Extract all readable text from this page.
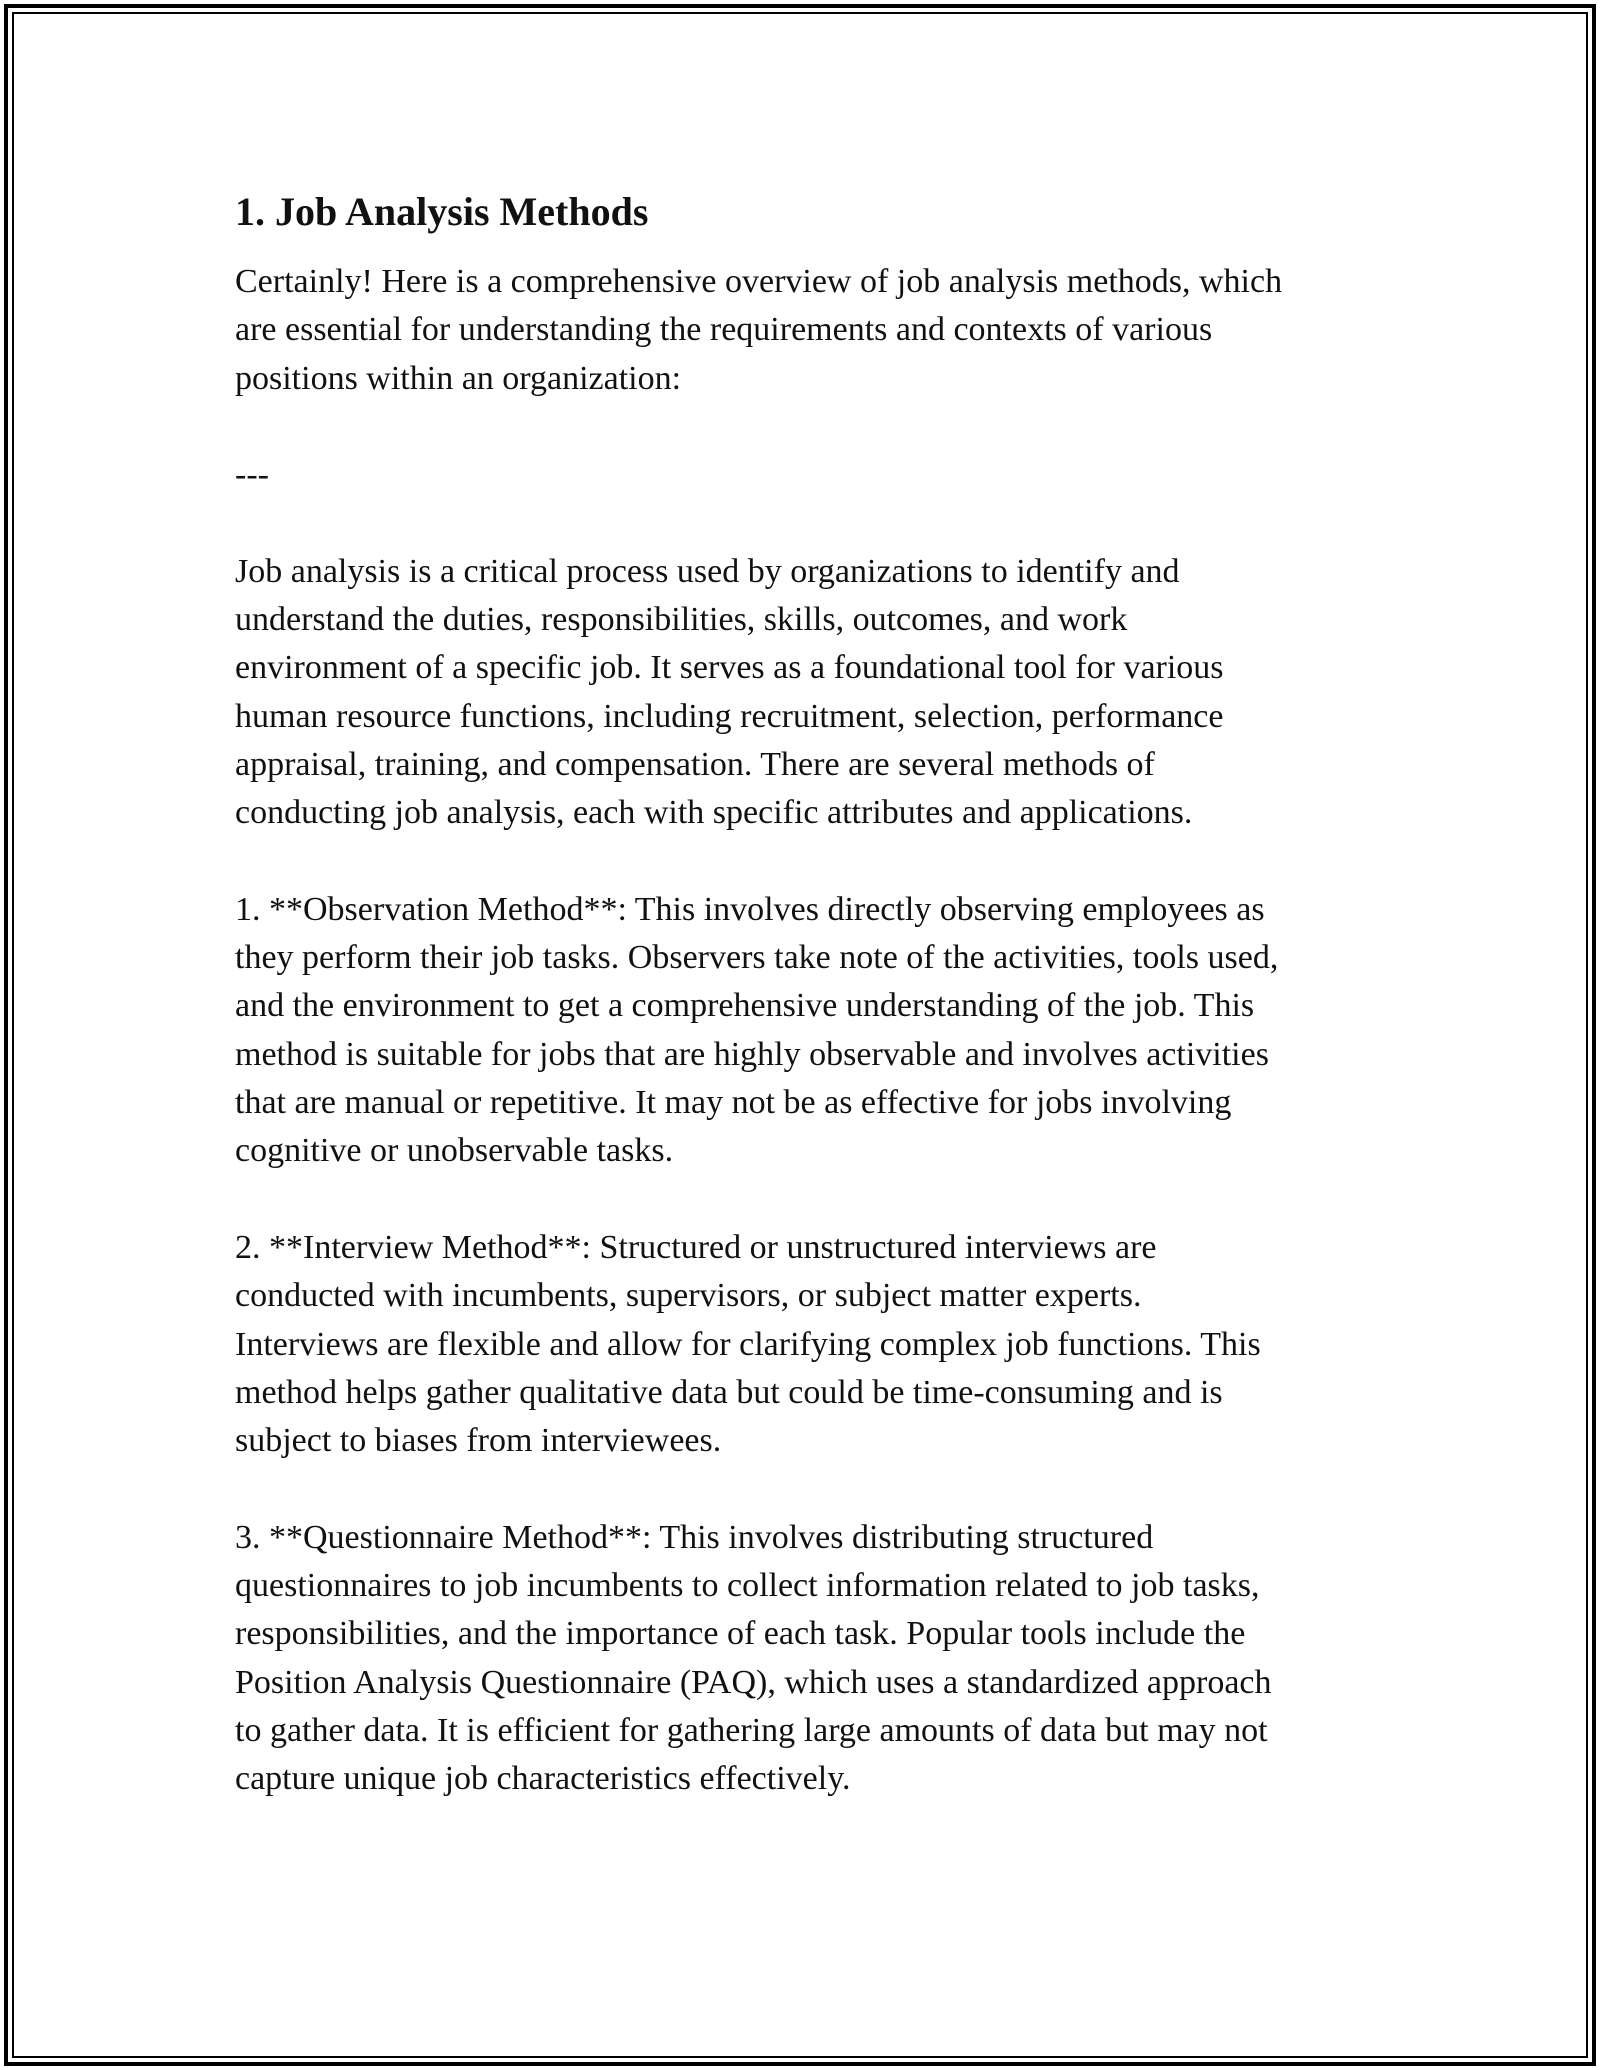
1. Job Analysis Methods
Certainly! Here is a comprehensive overview of job analysis methods, which
are essential for understanding the requirements and contexts of various
positions within an organization:
---
Job analysis is a critical process used by organizations to identify and
understand the duties, responsibilities, skills, outcomes, and work
environment of a specific job. It serves as a foundational tool for various
human resource functions, including recruitment, selection, performance
appraisal, training, and compensation. There are several methods of
conducting job analysis, each with specific attributes and applications.
1. **Observation Method**: This involves directly observing employees as
they perform their job tasks. Observers take note of the activities, tools used,
and the environment to get a comprehensive understanding of the job. This
method is suitable for jobs that are highly observable and involves activities
that are manual or repetitive. It may not be as effective for jobs involving
cognitive or unobservable tasks.
2. **Interview Method**: Structured or unstructured interviews are
conducted with incumbents, supervisors, or subject matter experts.
Interviews are flexible and allow for clarifying complex job functions. This
method helps gather qualitative data but could be time-consuming and is
subject to biases from interviewees.
3. **Questionnaire Method**: This involves distributing structured
questionnaires to job incumbents to collect information related to job tasks,
responsibilities, and the importance of each task. Popular tools include the
Position Analysis Questionnaire (PAQ), which uses a standardized approach
to gather data. It is efficient for gathering large amounts of data but may not
capture unique job characteristics effectively.
